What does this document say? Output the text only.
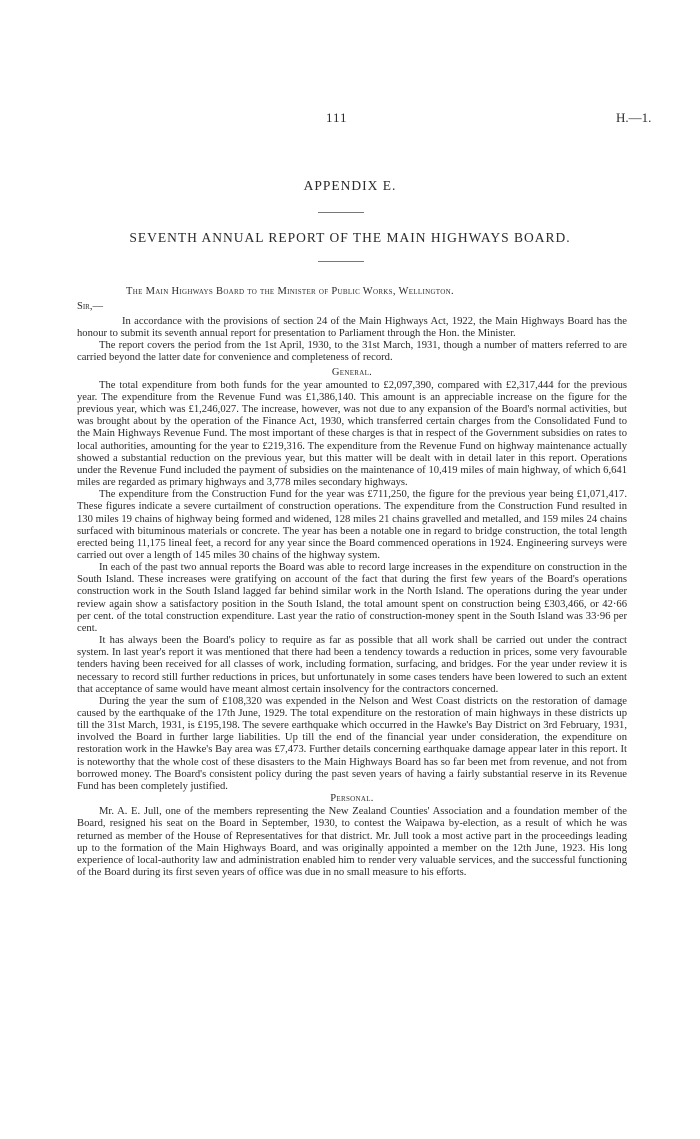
111	H.—1.
APPENDIX E.
SEVENTH ANNUAL REPORT OF THE MAIN HIGHWAYS BOARD.
The Main Highways Board to the Minister of Public Works, Wellington.
Sir,—

In accordance with the provisions of section 24 of the Main Highways Act, 1922, the Main Highways Board has the honour to submit its seventh annual report for presentation to Parliament through the Hon. the Minister.

The report covers the period from the 1st April, 1930, to the 31st March, 1931, though a number of matters referred to are carried beyond the latter date for convenience and completeness of record.

General.

The total expenditure from both funds for the year amounted to £2,097,390, compared with £2,317,444 for the previous year. The expenditure from the Revenue Fund was £1,386,140. This amount is an appreciable increase on the figure for the previous year, which was £1,246,027. The increase, however, was not due to any expansion of the Board's normal activities, but was brought about by the operation of the Finance Act, 1930, which transferred certain charges from the Consolidated Fund to the Main Highways Revenue Fund. The most important of these charges is that in respect of the Government subsidies on rates to local authorities, amounting for the year to £219,316. The expenditure from the Revenue Fund on highway maintenance actually showed a substantial reduction on the previous year, but this matter will be dealt with in detail later in this report. Operations under the Revenue Fund included the payment of subsidies on the maintenance of 10,419 miles of main highway, of which 6,641 miles are regarded as primary highways and 3,778 miles secondary highways.

The expenditure from the Construction Fund for the year was £711,250, the figure for the previous year being £1,071,417. These figures indicate a severe curtailment of construction operations. The expenditure from the Construction Fund resulted in 130 miles 19 chains of highway being formed and widened, 128 miles 21 chains gravelled and metalled, and 159 miles 24 chains surfaced with bituminous materials or concrete. The year has been a notable one in regard to bridge construction, the total length erected being 11,175 lineal feet, a record for any year since the Board commenced operations in 1924. Engineering surveys were carried out over a length of 145 miles 30 chains of the highway system.

In each of the past two annual reports the Board was able to record large increases in the expenditure on construction in the South Island. These increases were gratifying on account of the fact that during the first few years of the Board's operations construction work in the South Island lagged far behind similar work in the North Island. The operations during the year under review again show a satisfactory position in the South Island, the total amount spent on construction being £303,466, or 42·66 per cent. of the total construction expenditure. Last year the ratio of construction-money spent in the South Island was 33·96 per cent.

It has always been the Board's policy to require as far as possible that all work shall be carried out under the contract system. In last year's report it was mentioned that there had been a tendency towards a reduction in prices, some very favourable tenders having been received for all classes of work, including formation, surfacing, and bridges. For the year under review it is necessary to record still further reductions in prices, but unfortunately in some cases tenders have been lowered to such an extent that acceptance of same would have meant almost certain insolvency for the contractors concerned.

During the year the sum of £108,320 was expended in the Nelson and West Coast districts on the restoration of damage caused by the earthquake of the 17th June, 1929. The total expenditure on the restoration of main highways in these districts up till the 31st March, 1931, is £195,198. The severe earthquake which occurred in the Hawke's Bay District on 3rd February, 1931, involved the Board in further large liabilities. Up till the end of the financial year under consideration, the expenditure on restoration work in the Hawke's Bay area was £7,473. Further details concerning earthquake damage appear later in this report. It is noteworthy that the whole cost of these disasters to the Main Highways Board has so far been met from revenue, and not from borrowed money. The Board's consistent policy during the past seven years of having a fairly substantial reserve in its Revenue Fund has been completely justified.

Personal.

Mr. A. E. Jull, one of the members representing the New Zealand Counties' Association and a foundation member of the Board, resigned his seat on the Board in September, 1930, to contest the Waipawa by-election, as a result of which he was returned as member of the House of Representatives for that district. Mr. Jull took a most active part in the proceedings leading up to the formation of the Main Highways Board, and was originally appointed a member on the 12th June, 1923. His long experience of local-authority law and administration enabled him to render very valuable services, and the successful functioning of the Board during its first seven years of office was due in no small measure to his efforts.
